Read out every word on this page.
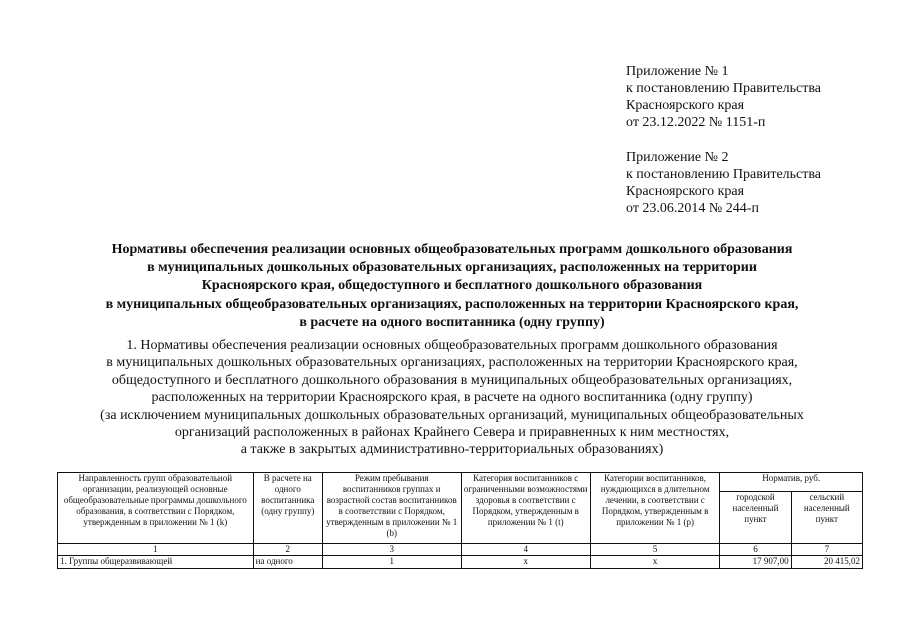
Приложение № 1
к постановлению Правительства
Красноярского края
от 23.12.2022 № 1151-п
Приложение № 2
к постановлению Правительства
Красноярского края
от 23.06.2014 № 244-п
Нормативы обеспечения реализации основных общеобразовательных программ дошкольного образования
в муниципальных дошкольных образовательных организациях, расположенных на территории
Красноярского края, общедоступного и бесплатного дошкольного образования
в муниципальных общеобразовательных организациях, расположенных на территории Красноярского края,
в расчете на одного воспитанника (одну группу)
1. Нормативы обеспечения реализации основных общеобразовательных программ дошкольного образования
в муниципальных дошкольных образовательных организациях, расположенных на территории Красноярского края,
общедоступного и бесплатного дошкольного образования в муниципальных общеобразовательных организациях,
расположенных на территории Красноярского края, в расчете на одного воспитанника (одну группу)
(за исключением муниципальных дошкольных образовательных организаций, муниципальных общеобразовательных
организаций расположенных в районах Крайнего Севера и приравненных к ним местностях,
а также в закрытых административно-территориальных образованиях)
Направленность групп образовательной организации, реализующей основные общеобразовательные программы дошкольного образования, в соответствии с Порядком, утвержденным в приложении № 1 (k)	В расчете на одного воспитанника (одну группу)	Режим пребывания воспитанников группах и возрастной состав воспитанников в соответствии с Порядком, утвержденным в приложении № 1 (b)	Категория воспитанников с ограниченными возможностями здоровья в соответствии с Порядком, утвержденным в приложении № 1 (t)	Категории воспитанников, нуждающихся в длительном лечении, в соответствии с Порядком, утвержденным в приложении № 1 (p)	Норматив, руб.	
					городской населенный пункт	сельский населенный пункт
1	2	3	4	5	6	7
1. Группы общеразвивающей	на одного	1	x	x	17 907,00	20 415,02
